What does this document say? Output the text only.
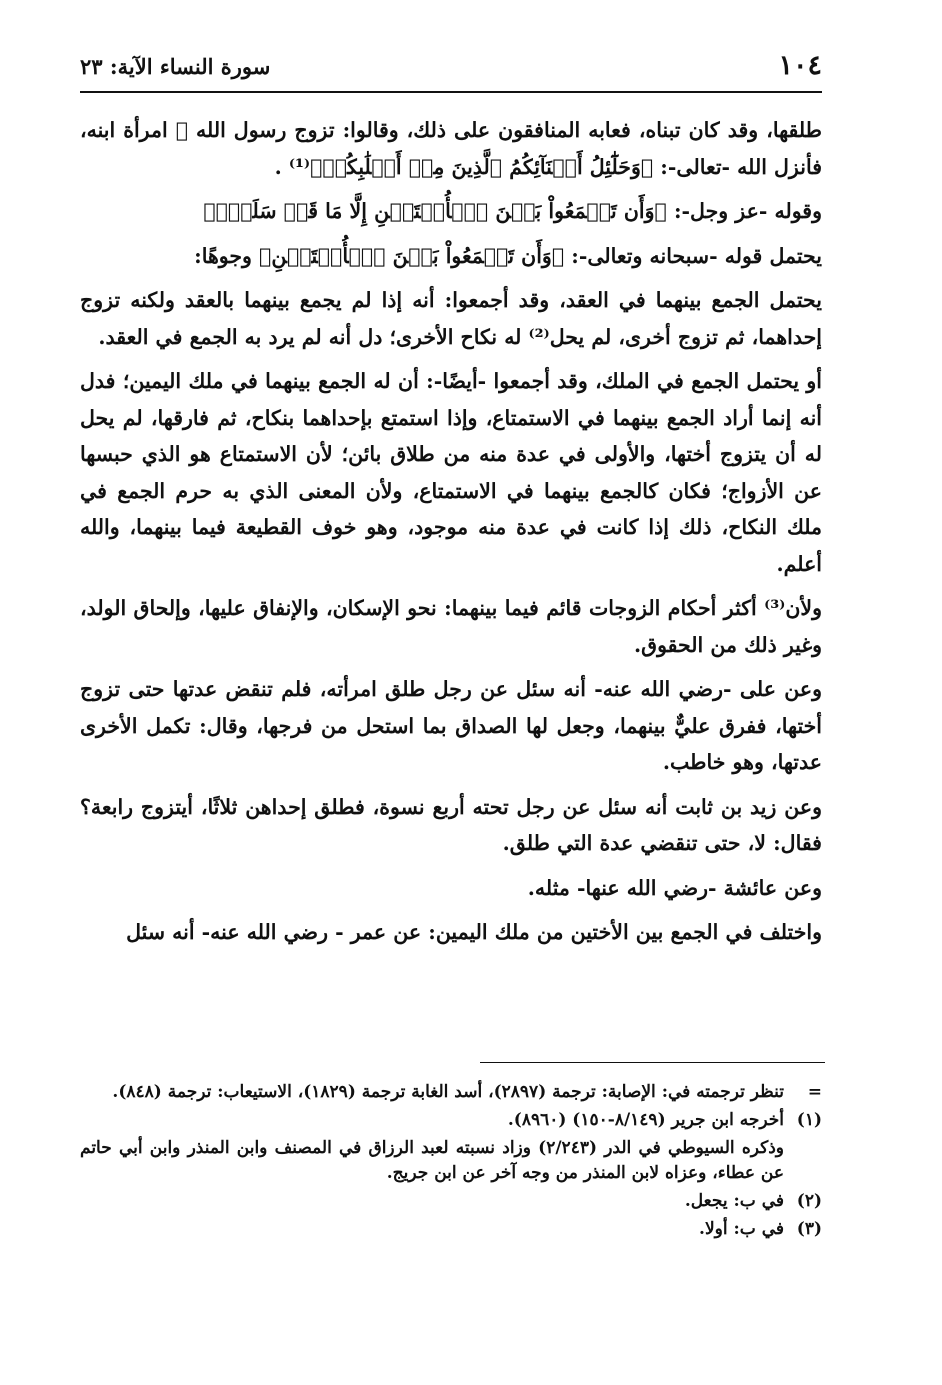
١٠٤
سورة النساء الآية: ٢٣

طلقها، وقد كان تبناه، فعابه المنافقون على ذلك، وقالوا: تزوج رسول الله ﷺ امرأة ابنه، فأنزل الله -تعالى-: ﴿وَحَلَٰٓئِلُ أَبۡنَآئِكُمُ ٱلَّذِينَ مِنۡ أَصۡلَٰبِكُمۡ﴾⁽¹⁾ .

وقوله -عز وجل-: ﴿وَأَن تَجۡمَعُواْ بَيۡنَ ٱلۡأُخۡتَيۡنِ إِلَّا مَا قَدۡ سَلَفَۗ﴾

يحتمل قوله -سبحانه وتعالى-: ﴿وَأَن تَجۡمَعُواْ بَيۡنَ ٱلۡأُخۡتَيۡنِ﴾ وجوهًا:

يحتمل الجمع بينهما في العقد، وقد أجمعوا: أنه إذا لم يجمع بينهما بالعقد ولكنه تزوج إحداهما، ثم تزوج أخرى، لم يحل⁽²⁾ له نكاح الأخرى؛ دل أنه لم يرد به الجمع في العقد.

أو يحتمل الجمع في الملك، وقد أجمعوا -أيضًا-: أن له الجمع بينهما في ملك اليمين؛ فدل أنه إنما أراد الجمع بينهما في الاستمتاع، وإذا استمتع بإحداهما بنكاح، ثم فارقها، لم يحل له أن يتزوج أختها، والأولى في عدة منه من طلاق بائن؛ لأن الاستمتاع هو الذي حبسها عن الأزواج؛ فكان كالجمع بينهما في الاستمتاع، ولأن المعنى الذي به حرم الجمع في ملك النكاح، ذلك إذا كانت في عدة منه موجود، وهو خوف القطيعة فيما بينهما، والله أعلم.

ولأن⁽³⁾ أكثر أحكام الزوجات قائم فيما بينهما: نحو الإسكان، والإنفاق عليها، وإلحاق الولد، وغير ذلك من الحقوق.

وعن على -رضي الله عنه- أنه سئل عن رجل طلق امرأته، فلم تنقض عدتها حتى تزوج أختها، ففرق عليٌّ بينهما، وجعل لها الصداق بما استحل من فرجها، وقال: تكمل الأخرى عدتها، وهو خاطب.

وعن زيد بن ثابت أنه سئل عن رجل تحته أربع نسوة، فطلق إحداهن ثلاثًا، أيتزوج رابعة؟ فقال: لا، حتى تنقضي عدة التي طلق.

وعن عائشة -رضي الله عنها- مثله.

واختلف في الجمع بين الأختين من ملك اليمين: عن عمر - رضي الله عنه- أنه سئل

=
تنظر ترجمته في: الإصابة: ترجمة (٢٨٩٧)، أسد الغابة ترجمة (١٨٢٩)، الاستيعاب: ترجمة (٨٤٨).
(١)
أخرجه ابن جرير (٨/١٤٩-١٥٠) (٨٩٦٠).
وذكره السيوطي في الدر (٢/٢٤٣) وزاد نسبته لعبد الرزاق في المصنف وابن المنذر وابن أبي حاتم عن عطاء، وعزاه لابن المنذر من وجه آخر عن ابن جريج.
(٢)
في ب: يجعل.
(٣)
في ب: أولا.
